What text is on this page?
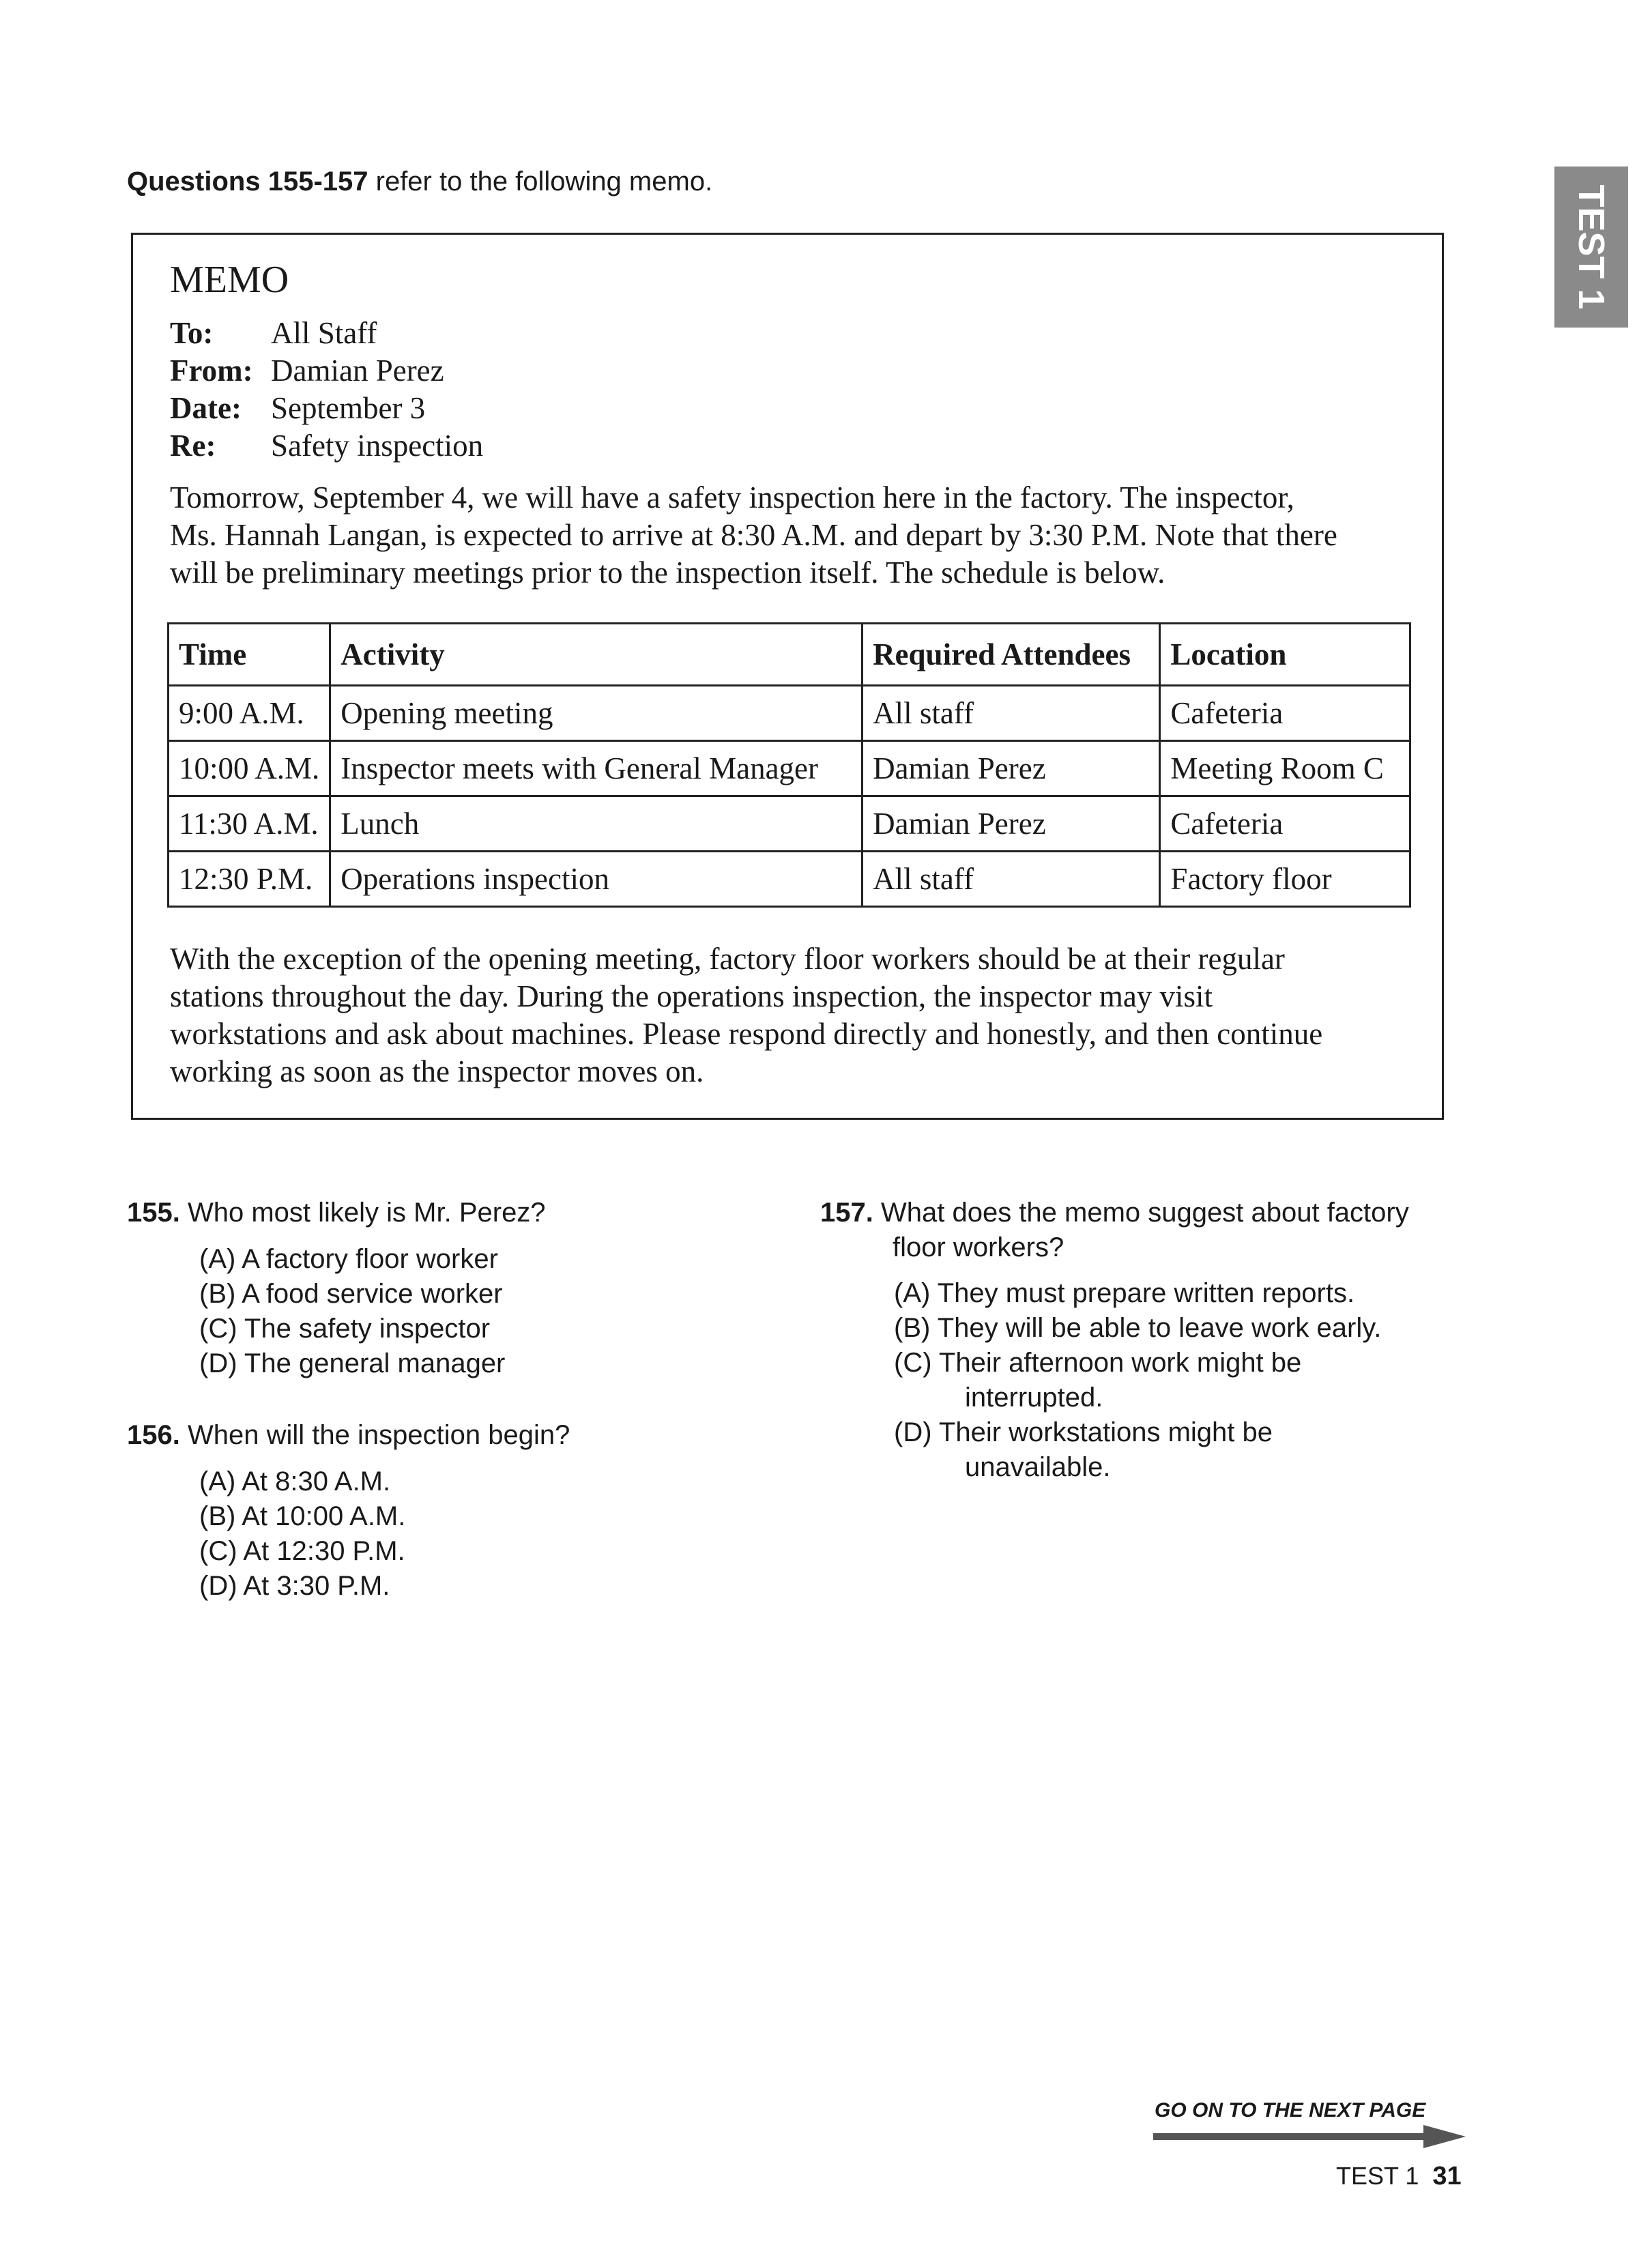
Questions 155-157 refer to the following memo.
TEST 1
MEMO
To: All Staff
From: Damian Perez
Date: September 3
Re: Safety inspection
Tomorrow, September 4, we will have a safety inspection here in the factory. The inspector,
Ms. Hannah Langan, is expected to arrive at 8:30 A.M. and depart by 3:30 P.M. Note that there
will be preliminary meetings prior to the inspection itself. The schedule is below.
Time	Activity	Required Attendees	Location
9:00 A.M.	Opening meeting	All staff	Cafeteria
10:00 A.M.	Inspector meets with General Manager	Damian Perez	Meeting Room C
11:30 A.M.	Lunch	Damian Perez	Cafeteria
12:30 P.M.	Operations inspection	All staff	Factory floor
With the exception of the opening meeting, factory floor workers should be at their regular
stations throughout the day. During the operations inspection, the inspector may visit
workstations and ask about machines. Please respond directly and honestly, and then continue
working as soon as the inspector moves on.
155. Who most likely is Mr. Perez?
(A) A factory floor worker
(B) A food service worker
(C) The safety inspector
(D) The general manager
156. When will the inspection begin?
(A) At 8:30 A.M.
(B) At 10:00 A.M.
(C) At 12:30 P.M.
(D) At 3:30 P.M.
157. What does the memo suggest about factory
floor workers?
(A) They must prepare written reports.
(B) They will be able to leave work early.
(C) Their afternoon work might be
interrupted.
(D) Their workstations might be
unavailable.
GO ON TO THE NEXT PAGE
TEST 1 31
